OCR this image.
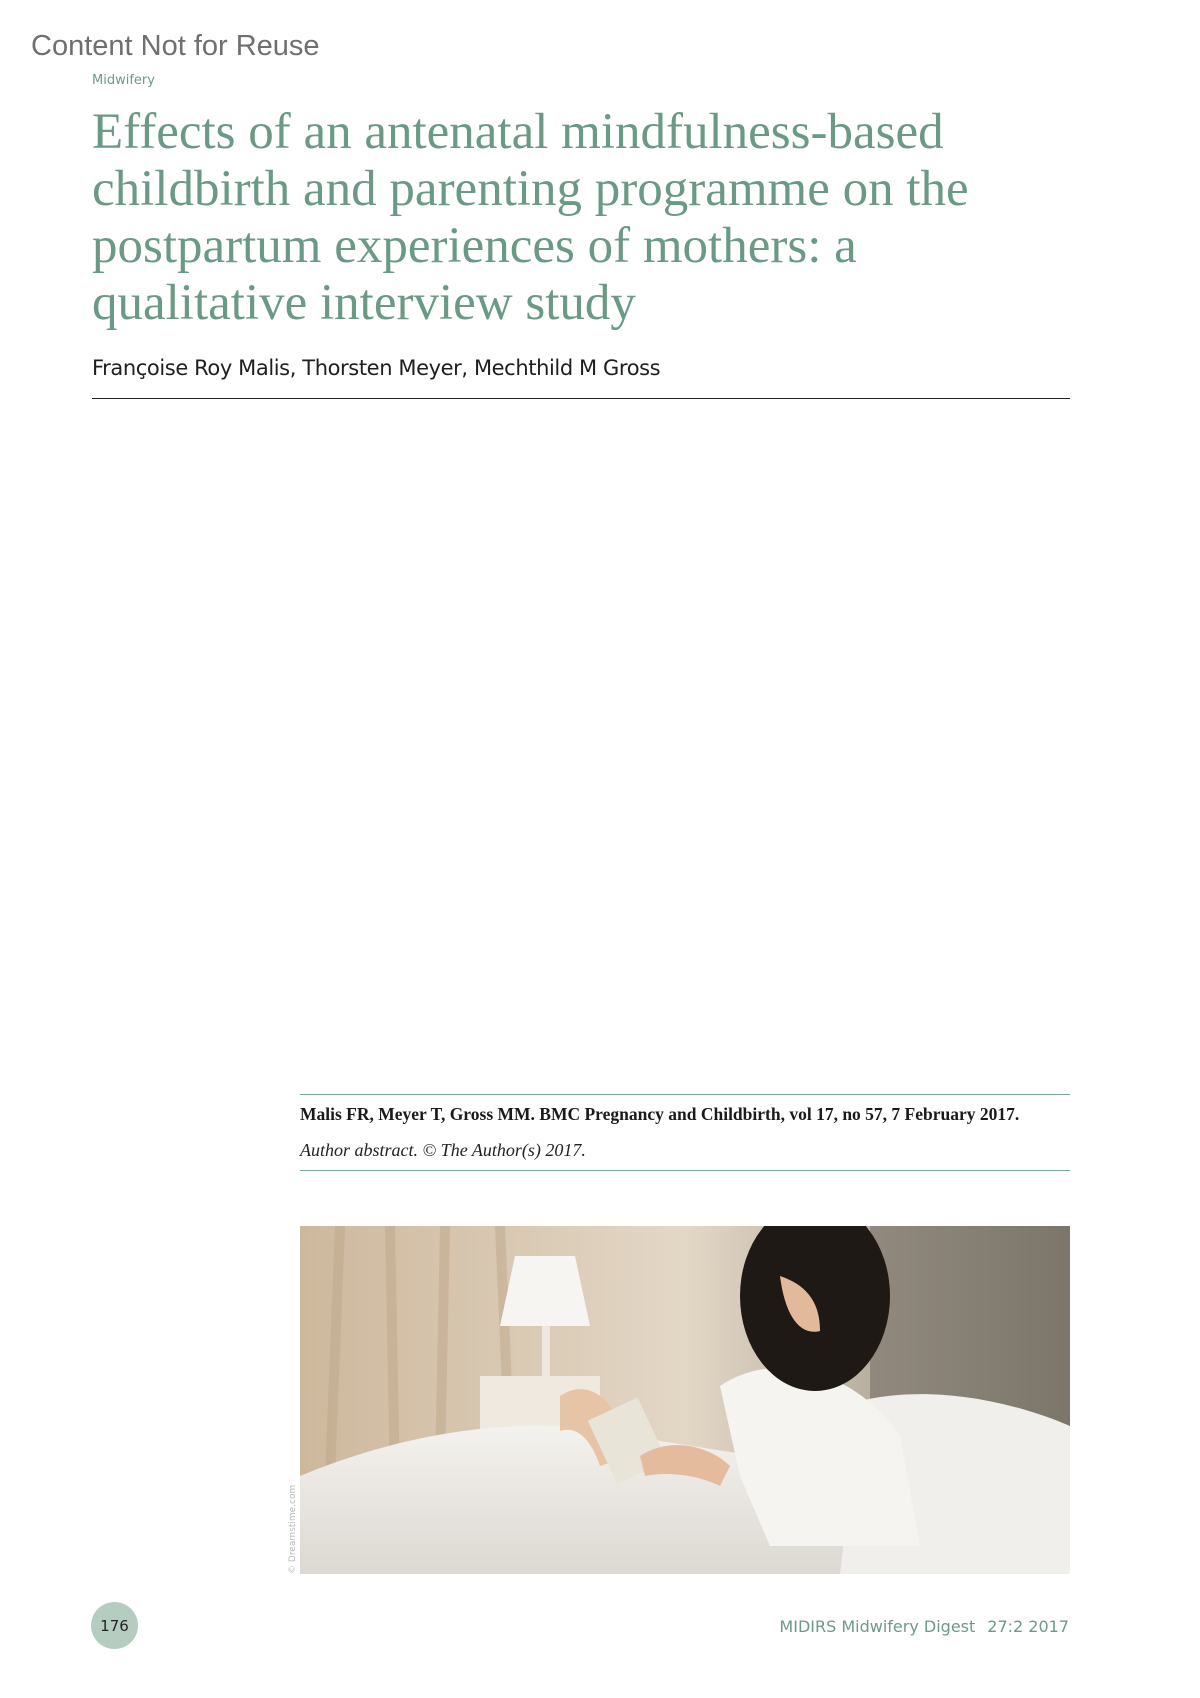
Content Not for Reuse
Midwifery
Effects of an antenatal mindfulness-based childbirth and parenting programme on the postpartum experiences of mothers: a qualitative interview study
Françoise Roy Malis, Thorsten Meyer, Mechthild M Gross
Malis FR, Meyer T, Gross MM. BMC Pregnancy and Childbirth, vol 17, no 57, 7 February 2017.
Author abstract. © The Author(s) 2017.
© Dreamstime.com
176	MIDIRS Midwifery Digest 27:2 2017
